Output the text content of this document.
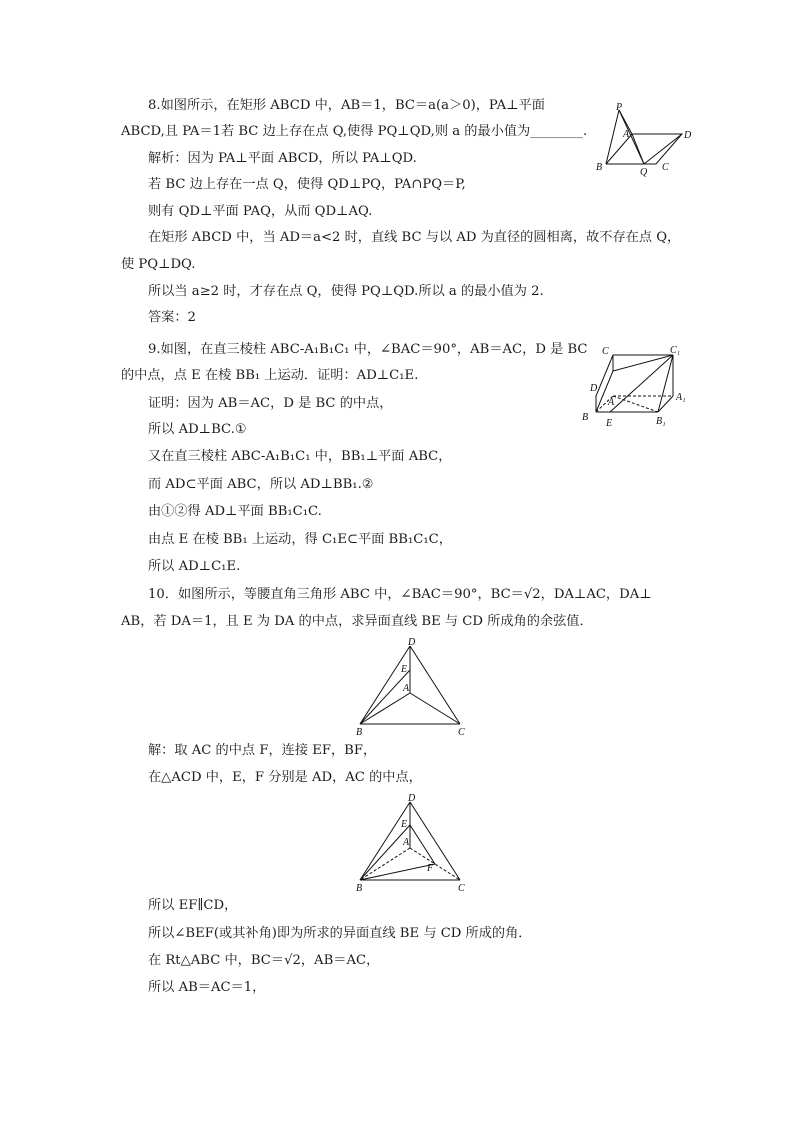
8.如图所示，在矩形 ABCD 中，AB＝1，BC＝a(a＞0)，PA⊥平面
ABCD,且 PA＝1若 BC 边上存在点 Q,使得 PQ⊥QD,则 a 的最小值为________.
解析：因为 PA⊥平面 ABCD，所以 PA⊥QD.
若 BC 边上存在一点 Q，使得 QD⊥PQ，PA∩PQ＝P,
则有 QD⊥平面 PAQ，从而 QD⊥AQ.
在矩形 ABCD 中，当 AD＝a<2 时，直线 BC 与以 AD 为直径的圆相离，故不存在点 Q，
使 PQ⊥DQ.
所以当 a≥2 时，才存在点 Q，使得 PQ⊥QD.所以 a 的最小值为 2.
答案：2
9.如图，在直三棱柱 ABC-A₁B₁C₁ 中，∠BAC＝90°，AB＝AC，D 是 BC
的中点，点 E 在棱 BB₁ 上运动．证明：AD⊥C₁E.
证明：因为 AB＝AC，D 是 BC 的中点，
所以 AD⊥BC.①
又在直三棱柱 ABC-A₁B₁C₁ 中，BB₁⊥平面 ABC，
而 AD⊂平面 ABC，所以 AD⊥BB₁.②
由①②得 AD⊥平面 BB₁C₁C.
由点 E 在棱 BB₁ 上运动，得 C₁E⊂平面 BB₁C₁C，
所以 AD⊥C₁E.
10．如图所示，等腰直角三角形 ABC 中，∠BAC＝90°，BC＝√2，DA⊥AC，DA⊥
AB，若 DA＝1，且 E 为 DA 的中点，求异面直线 BE 与 CD 所成角的余弦值．
解：取 AC 的中点 F，连接 EF，BF，
在△ACD 中，E，F 分别是 AD，AC 的中点，
所以 EF∥CD，
所以∠BEF(或其补角)即为所求的异面直线 BE 与 CD 所成的角．
在 Rt△ABC 中，BC＝√2，AB＝AC，
所以 AB＝AC＝1，
P
A
B	Q C
D
C	C₁
D
A	A₁
B
E	B₁
D
E
A
B	C
D
E
A
F
B	C
